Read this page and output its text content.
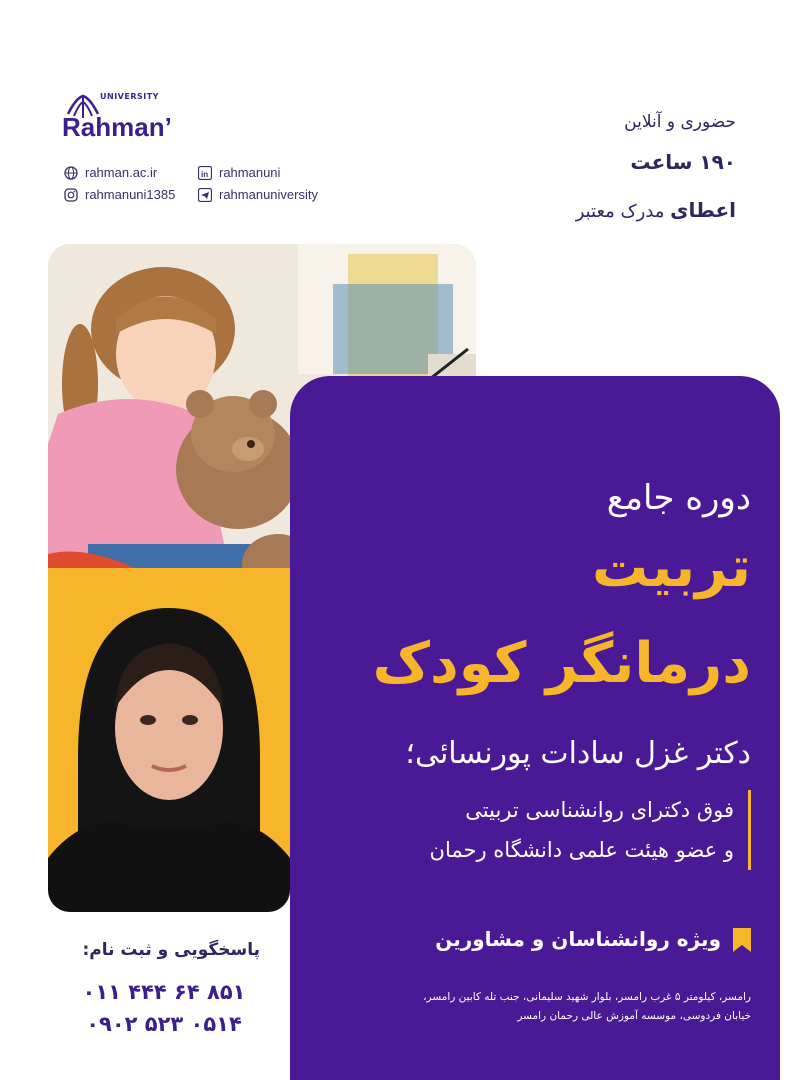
UNIVERSITY
Rahman’
rahman.ac.ir	in rahmanuni
rahmanuni1385	rahmanuniversity
حضوری و آنلاین
۱۹۰ ساعت
اعطای مدرک معتبر
دوره جامع
تربیت
درمانگر کودک
دکتر غزل سادات پورنسائی؛
فوق دکترای روانشناسی تربیتی
و عضو هیئت علمی دانشگاه رحمان
ویژه روانشناسان و مشاورین
رامسر، کیلومتر ۵ غرب رامسر، بلوار شهید سلیمانی، جنب تله کابین رامسر،
خیابان فردوسی، موسسه آموزش عالی رحمان رامسر
پاسخگویی و ثبت نام:
۰۱۱ ۴۴۴ ۶۴ ۸۵۱
۰۹۰۲ ۵۲۳ ۰۵۱۴
